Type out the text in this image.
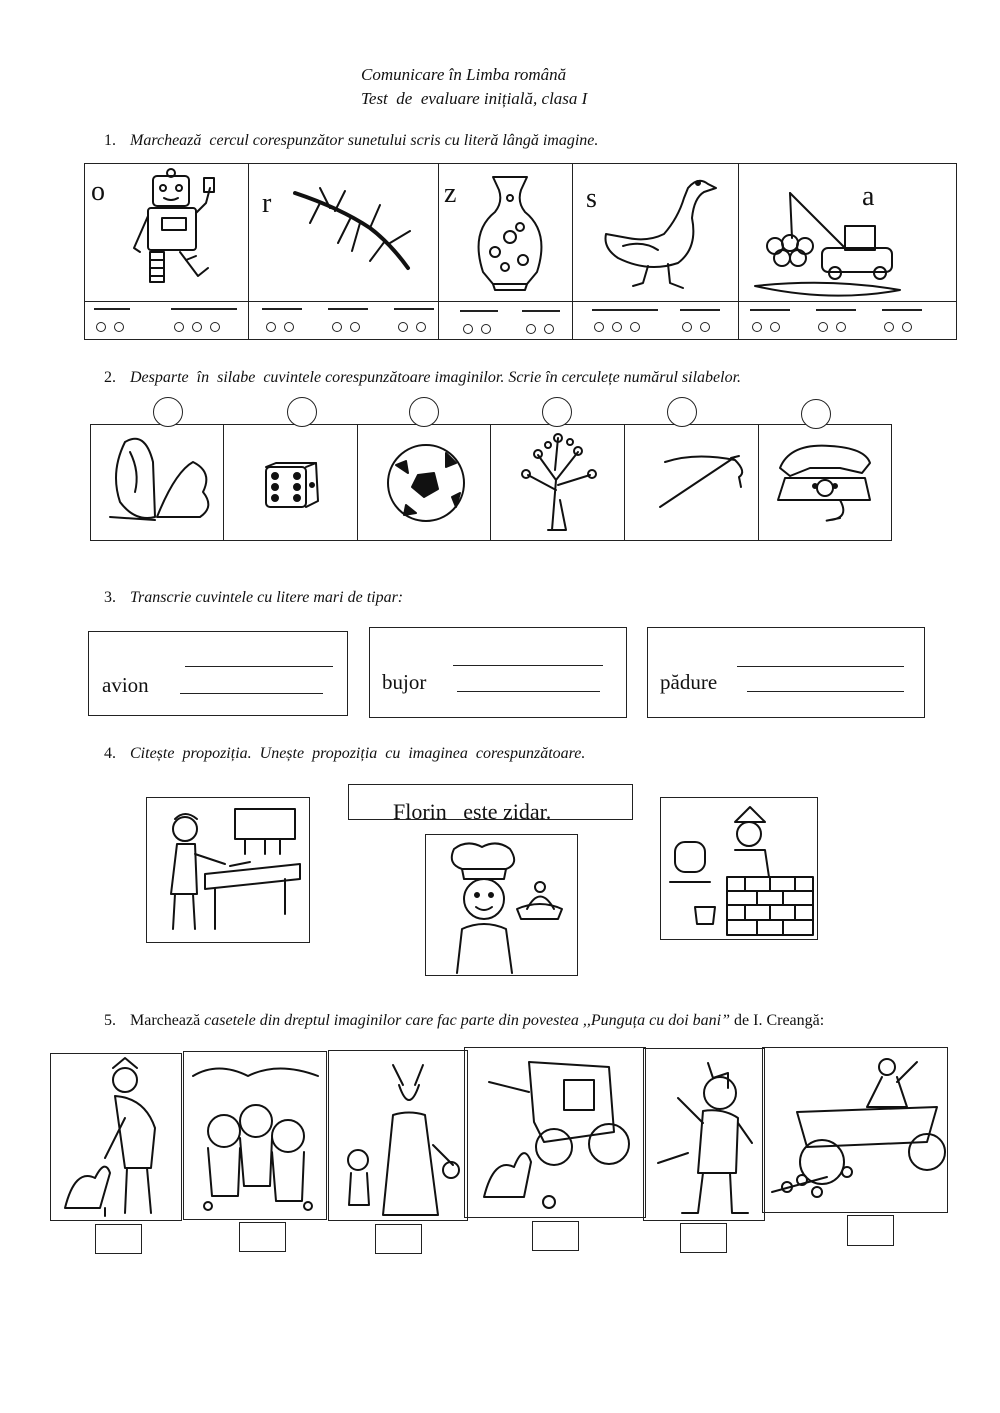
Comunicare în Limba română
Test  de  evaluare inițială, clasa I
1. Marchează  cercul corespunzător sunetului scris cu literă lângă imagine.
o	r	z	s	a
2. Desparte  în  silabe  cuvintele corespunzătoare imaginilor. Scrie în cerculețe numărul silabelor.
3. Transcrie cuvintele cu litere mari de tipar:
avion	bujor	pădure
4. Citește  propoziția.  Unește  propoziția  cu  imaginea  corespunzătoare.
Florin   este zidar.
5. Marchează casetele din dreptul imaginilor care fac parte din povestea ,,Punguța cu doi bani” de I. Creangă:
